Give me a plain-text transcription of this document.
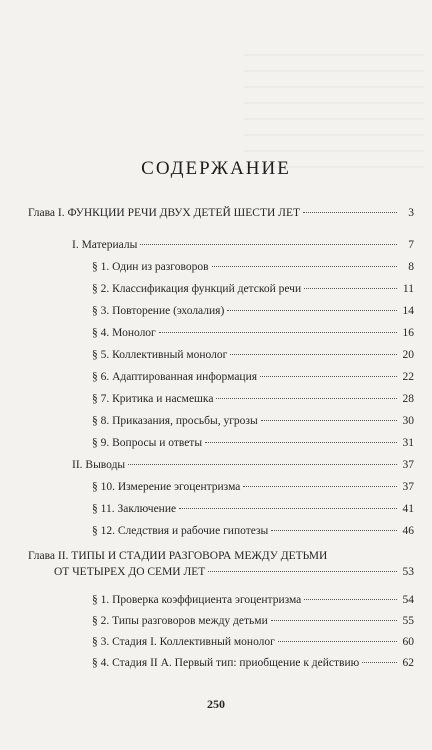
СОДЕРЖАНИЕ
Глава I. ФУНКЦИИ РЕЧИ ДВУХ ДЕТЕЙ ШЕСТИ ЛЕТ	3
I. Материалы	7
§ 1. Один из разговоров	8
§ 2. Классификация функций детской речи	11
§ 3. Повторение (эхолалия)	14
§ 4. Монолог	16
§ 5. Коллективный монолог	20
§ 6. Адаптированная информация	22
§ 7. Критика и насмешка	28
§ 8. Приказания, просьбы, угрозы	30
§ 9. Вопросы и ответы	31
II. Выводы	37
§ 10. Измерение эгоцентризма	37
§ 11. Заключение	41
§ 12. Следствия и рабочие гипотезы	46
Глава II. ТИПЫ И СТАДИИ РАЗГОВОРА МЕЖДУ ДЕТЬМИ
ОТ ЧЕТЫРЕХ ДО СЕМИ ЛЕТ	53
§ 1. Проверка коэффициента эгоцентризма	54
§ 2. Типы разговоров между детьми	55
§ 3. Стадия I. Коллективный монолог	60
§ 4. Стадия II А. Первый тип: приобщение к действию	62
250
